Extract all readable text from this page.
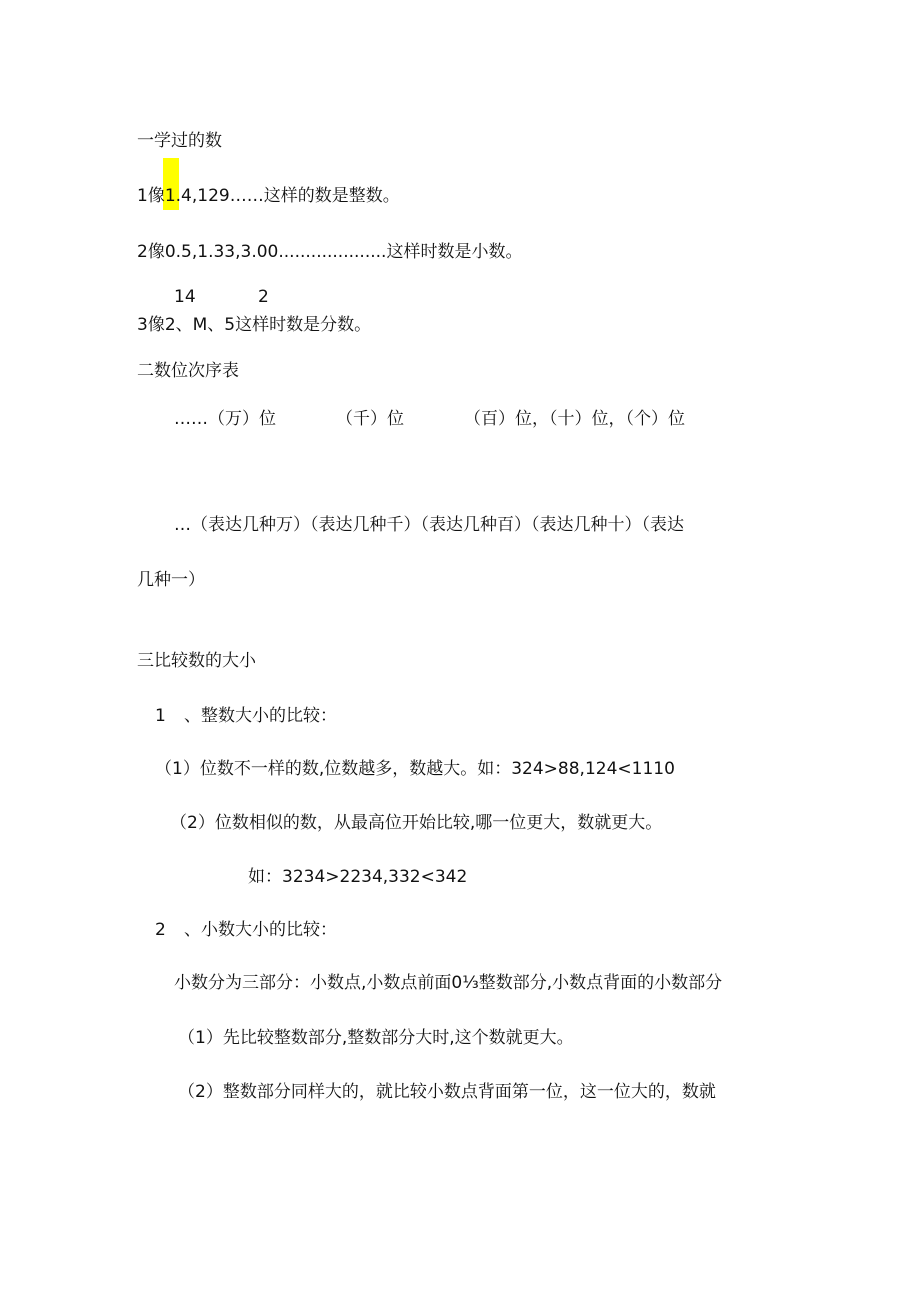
一学过的数
1像1.4,129……这样的数是整数。
2像0.5,1.33,3.00....................这样时数是小数。
14	2
3像2、M、5这样时数是分数。
二数位次序表
……（万）位	（千）位	（百）位，（十）位，（个）位
…（表达几种万）（表达几种千）（表达几种百）（表达几种十）（表达
几种一）
三比较数的大小
1 、整数大小的比较：
（1）位数不一样的数,位数越多，数越大。如：324>88,124<1110
（2）位数相似的数，从最高位开始比较,哪一位更大，数就更大。
如：3234>2234,332<342
2 、小数大小的比较：
小数分为三部分：小数点,小数点前面0⅓整数部分,小数点背面的小数部分
（1）先比较整数部分,整数部分大时,这个数就更大。
（2）整数部分同样大的，就比较小数点背面第一位，这一位大的，数就
